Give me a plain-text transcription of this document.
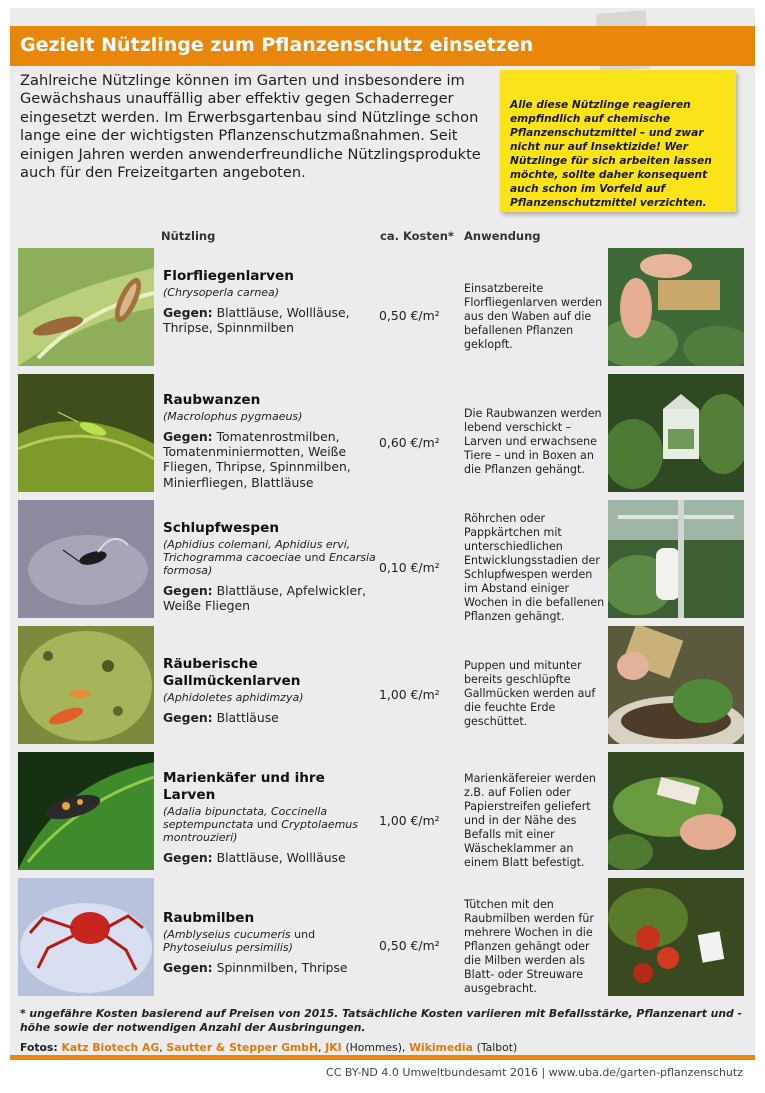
Gezielt Nützlinge zum Pflanzenschutz einsetzen

Zahlreiche Nützlinge können im Garten und insbesondere im Gewächshaus unauffällig aber effektiv gegen Schaderreger eingesetzt werden. Im Erwerbsgartenbau sind Nützlinge schon lange eine der wichtigsten Pflanzenschutzmaßnahmen. Seit einigen Jahren werden anwenderfreundliche Nützlingsprodukte auch für den Freizeitgarten angeboten.

Alle diese Nützlinge reagieren empfindlich auf chemische Pflanzenschutzmittel – und zwar nicht nur auf Insektizide! Wer Nützlinge für sich arbeiten lassen möchte, sollte daher konsequent auch schon im Vorfeld auf Pflanzenschutzmittel verzichten.
Nützling	ca. Kosten* Anwendung

Florfliegenlarven

(Chrysoperla carnea)

Gegen: Blattläuse, Wollläuse, Thripse, Spinnmilben

0,50 €/m²

Einsatzbereite Florfliegenlarven werden aus den Waben auf die befallenen Pflanzen geklopft.

Raubwanzen

(Macrolophus pygmaeus)

Gegen: Tomatenrostmilben, Tomatenminiermotten, Weiße Fliegen, Thripse, Spinnmilben, Minierfliegen, Blattläuse

0,60 €/m²

Die Raubwanzen werden lebend verschickt – Larven und erwachsene Tiere – und in Boxen an die Pflanzen gehängt.

Schlupfwespen

(Aphidius colemani, Aphidius ervi, Trichogramma cacoeciae und Encarsia formosa)

Gegen: Blattläuse, Apfelwickler, Weiße Fliegen

0,10 €/m²

Röhrchen oder Pappkärtchen mit unterschiedlichen Entwicklungsstadien der Schlupfwespen werden im Abstand einiger Wochen in die befallenen Pflanzen gehängt.

Räuberische Gallmückenlarven

(Aphidoletes aphidimzya)

Gegen: Blattläuse

1,00 €/m²

Puppen und mitunter bereits geschlüpfte Gallmücken werden auf die feuchte Erde geschüttet.

Marienkäfer und ihre Larven

(Adalia bipunctata, Coccinella septempunctata und Cryptolaemus montrouzieri)

Gegen: Blattläuse, Wollläuse

1,00 €/m²

Marienkäfereier werden z.B. auf Folien oder Papierstreifen geliefert und in der Nähe des Befalls mit einer Wäscheklammer an einem Blatt befestigt.

Raubmilben

(Amblyseius cucumeris und Phytoseiulus persimilis)

Gegen: Spinnmilben, Thripse

0,50 €/m²

Tütchen mit den Raubmilben werden für mehrere Wochen in die Pflanzen gehängt oder die Milben werden als Blatt- oder Streuware ausgebracht.

* ungefähre Kosten basierend auf Preisen von 2015. Tatsächliche Kosten variieren mit Befallsstärke, Pflanzenart und -höhe sowie der notwendigen Anzahl der Ausbringungen.

Fotos: Katz Biotech AG, Sautter & Stepper GmbH, JKI (Hommes), Wikimedia (Talbot)

CC BY-ND 4.0 Umweltbundesamt 2016 | www.uba.de/garten-pflanzenschutz
